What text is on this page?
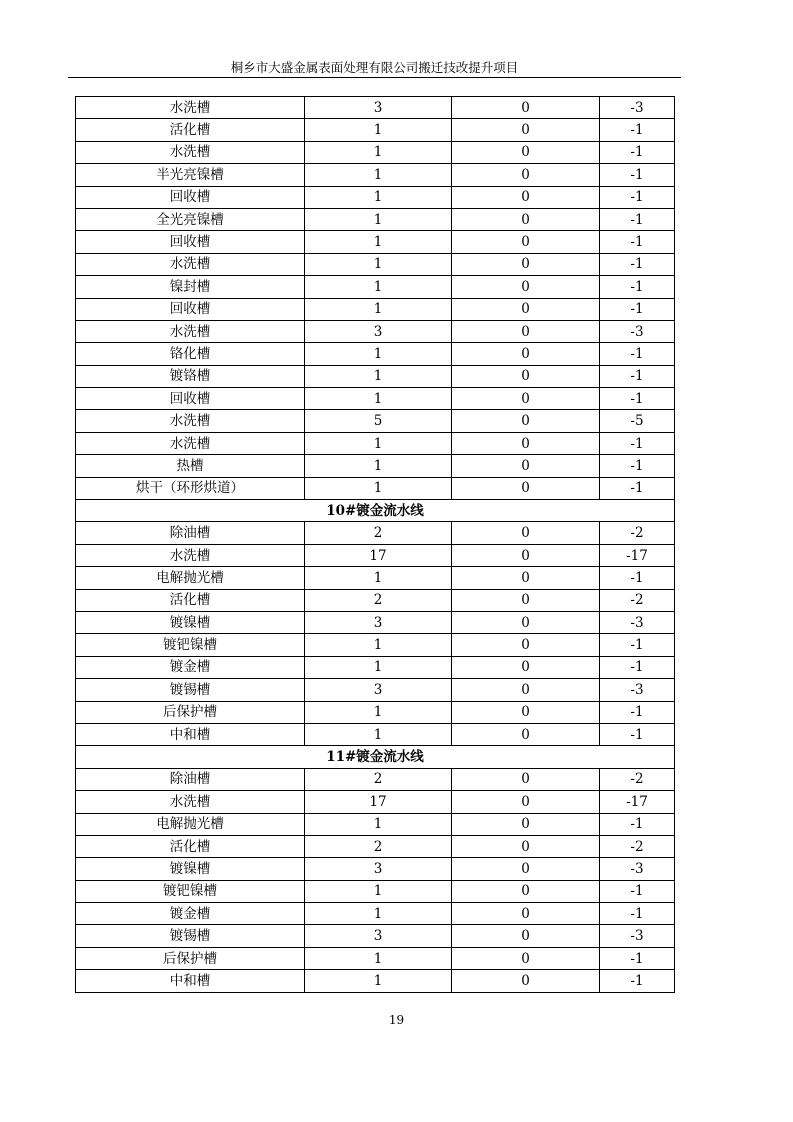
桐乡市大盛金属表面处理有限公司搬迁技改提升项目
水洗槽	3	0	-3
活化槽	1	0	-1
水洗槽	1	0	-1
半光亮镍槽	1	0	-1
回收槽	1	0	-1
全光亮镍槽	1	0	-1
回收槽	1	0	-1
水洗槽	1	0	-1
镍封槽	1	0	-1
回收槽	1	0	-1
水洗槽	3	0	-3
铬化槽	1	0	-1
镀铬槽	1	0	-1
回收槽	1	0	-1
水洗槽	5	0	-5
水洗槽	1	0	-1
热槽	1	0	-1
烘干（环形烘道）	1	0	-1
10#镀金流水线			
除油槽	2	0	-2
水洗槽	17	0	-17
电解抛光槽	1	0	-1
活化槽	2	0	-2
镀镍槽	3	0	-3
镀钯镍槽	1	0	-1
镀金槽	1	0	-1
镀锡槽	3	0	-3
后保护槽	1	0	-1
中和槽	1	0	-1
11#镀金流水线			
除油槽	2	0	-2
水洗槽	17	0	-17
电解抛光槽	1	0	-1
活化槽	2	0	-2
镀镍槽	3	0	-3
镀钯镍槽	1	0	-1
镀金槽	1	0	-1
镀锡槽	3	0	-3
后保护槽	1	0	-1
中和槽	1	0	-1
19
